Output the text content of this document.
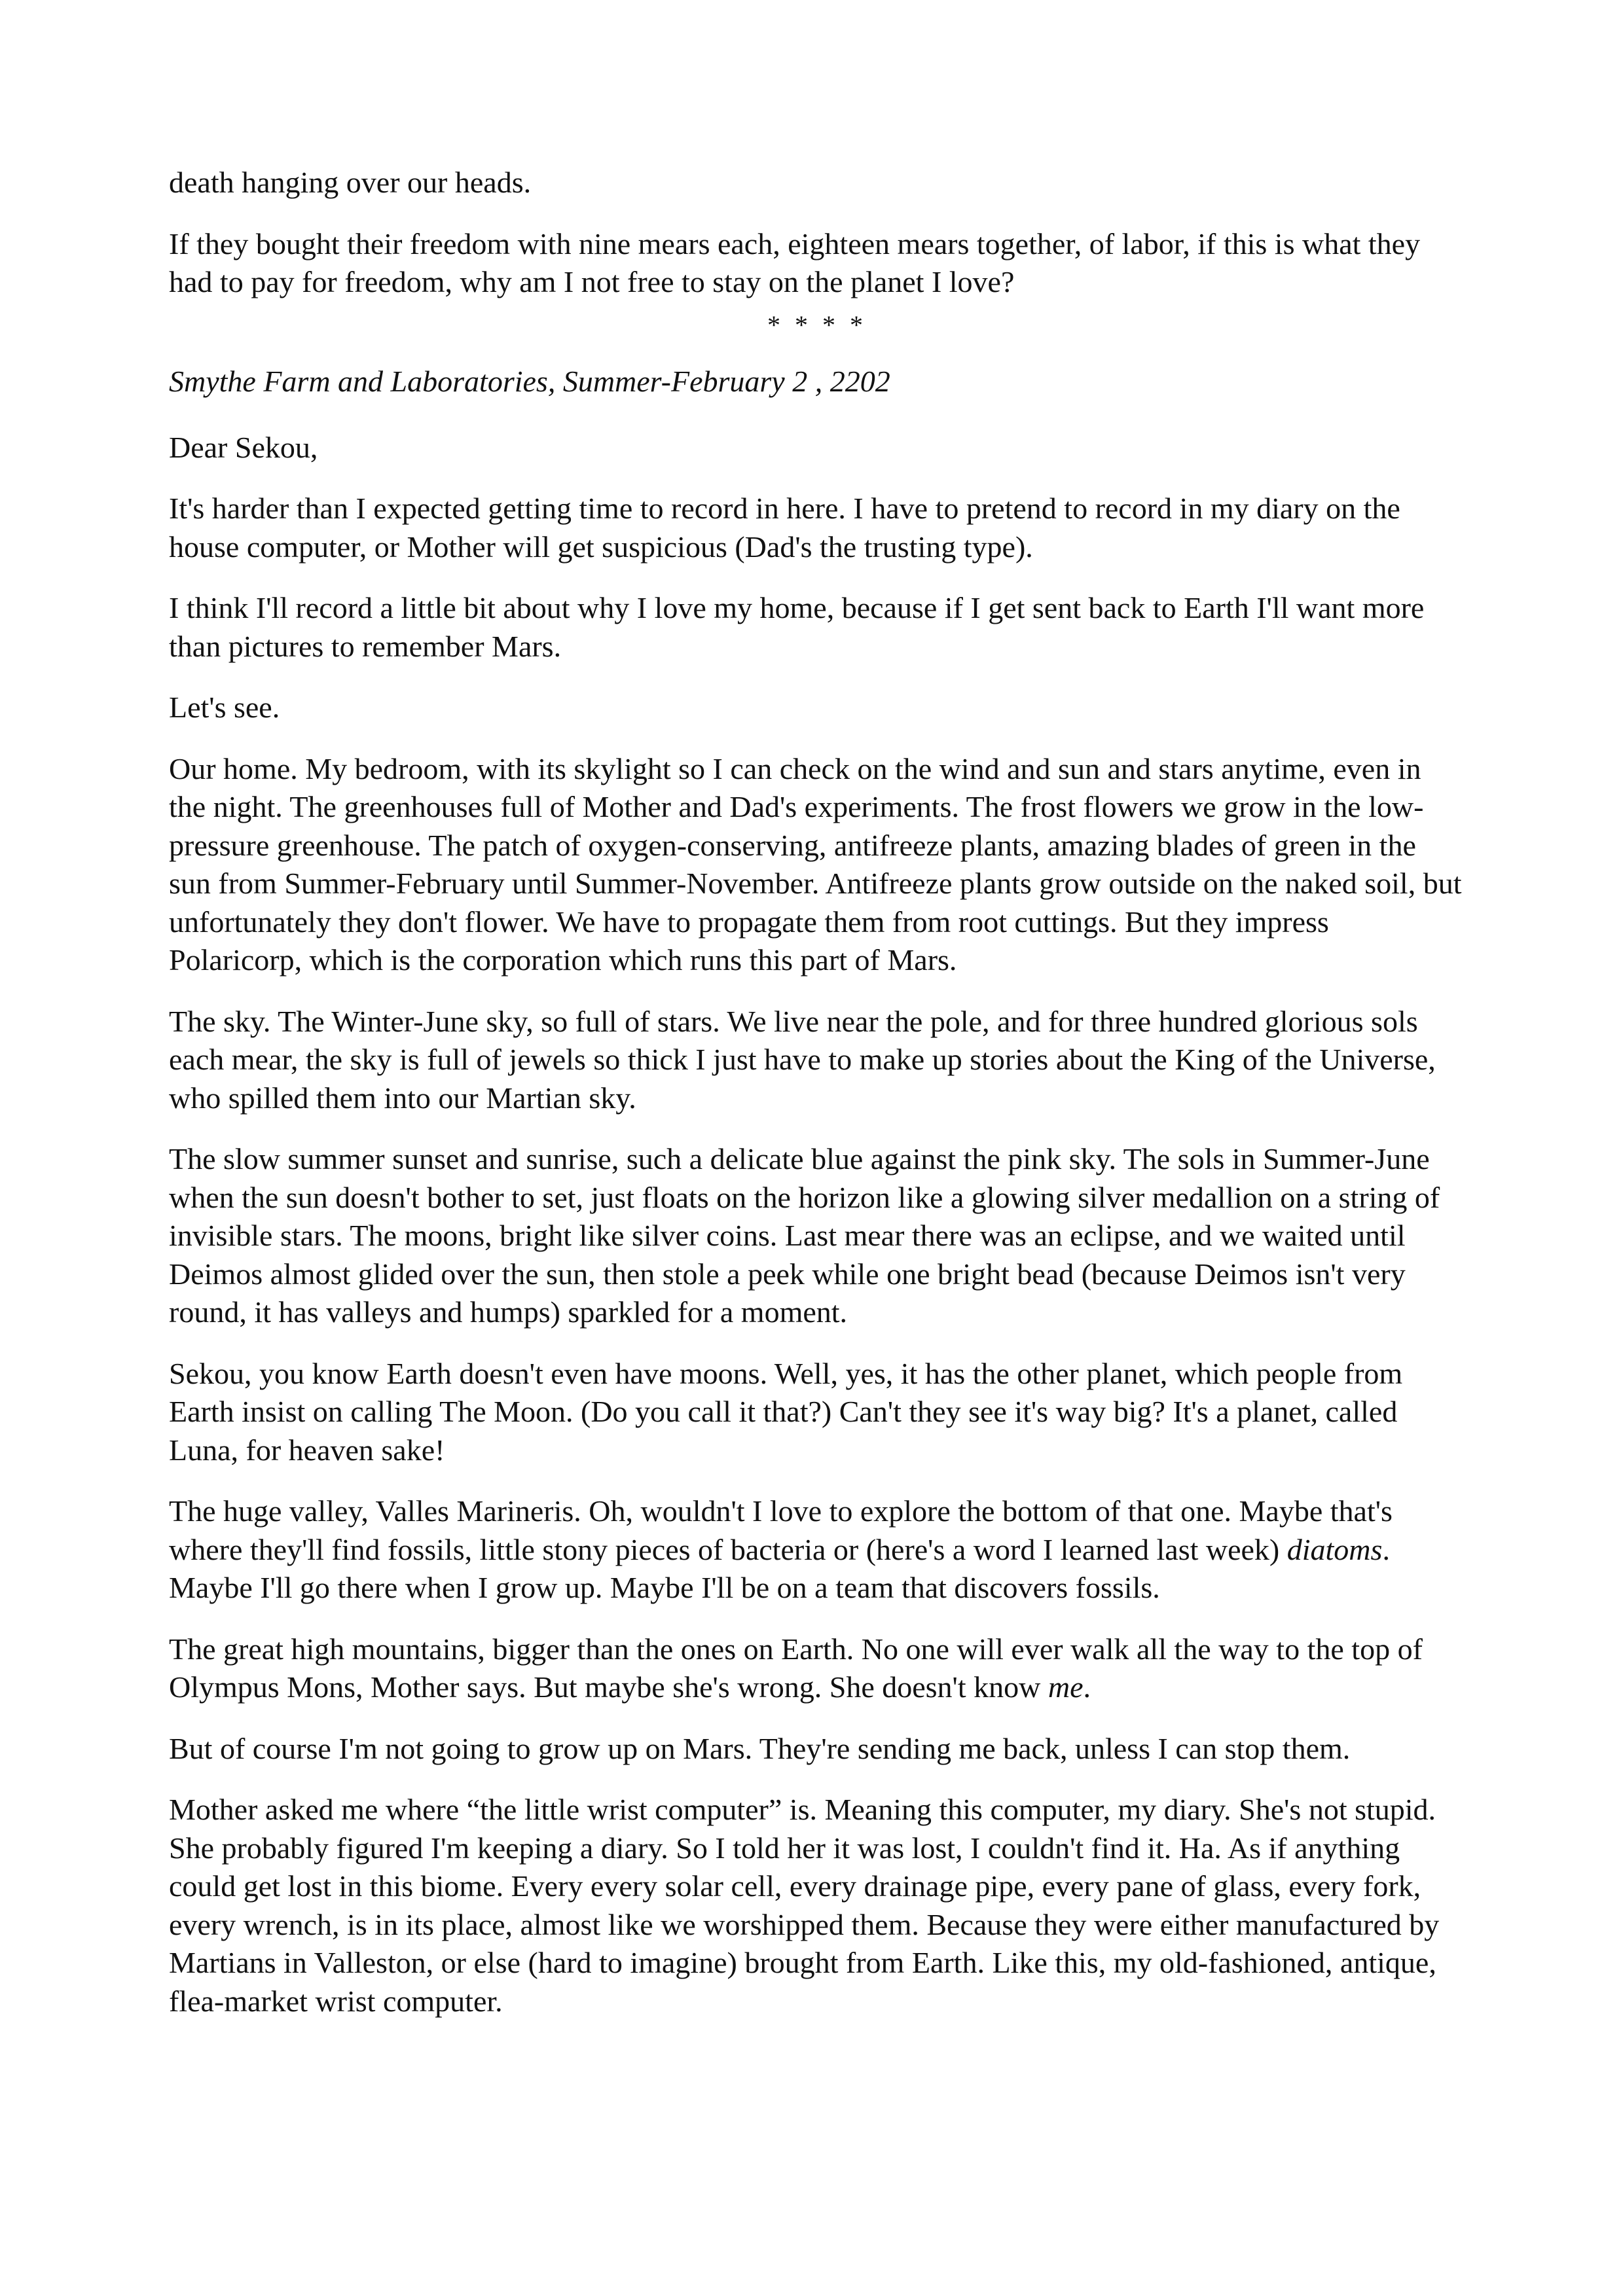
death hanging over our heads.

If they bought their freedom with nine mears each, eighteen mears together, of labor, if this is what they had to pay for freedom, why am I not free to stay on the planet I love?

* * * *

Smythe Farm and Laboratories, Summer-February 2 , 2202

Dear Sekou,

It's harder than I expected getting time to record in here. I have to pretend to record in my diary on the house computer, or Mother will get suspicious (Dad's the trusting type).

I think I'll record a little bit about why I love my home, because if I get sent back to Earth I'll want more than pictures to remember Mars.

Let's see.

Our home. My bedroom, with its skylight so I can check on the wind and sun and stars anytime, even in the night. The greenhouses full of Mother and Dad's experiments. The frost flowers we grow in the low-pressure greenhouse. The patch of oxygen-conserving, antifreeze plants, amazing blades of green in the sun from Summer-February until Summer-November. Antifreeze plants grow outside on the naked soil, but unfortunately they don't flower. We have to propagate them from root cuttings. But they impress Polaricorp, which is the corporation which runs this part of Mars.

The sky. The Winter-June sky, so full of stars. We live near the pole, and for three hundred glorious sols each mear, the sky is full of jewels so thick I just have to make up stories about the King of the Universe, who spilled them into our Martian sky.

The slow summer sunset and sunrise, such a delicate blue against the pink sky. The sols in Summer-June when the sun doesn't bother to set, just floats on the horizon like a glowing silver medallion on a string of invisible stars. The moons, bright like silver coins. Last mear there was an eclipse, and we waited until Deimos almost glided over the sun, then stole a peek while one bright bead (because Deimos isn't very round, it has valleys and humps) sparkled for a moment.

Sekou, you know Earth doesn't even have moons. Well, yes, it has the other planet, which people from Earth insist on calling The Moon. (Do you call it that?) Can't they see it's way big? It's a planet, called Luna, for heaven sake!

The huge valley, Valles Marineris. Oh, wouldn't I love to explore the bottom of that one. Maybe that's where they'll find fossils, little stony pieces of bacteria or (here's a word I learned last week) diatoms. Maybe I'll go there when I grow up. Maybe I'll be on a team that discovers fossils.

The great high mountains, bigger than the ones on Earth. No one will ever walk all the way to the top of Olympus Mons, Mother says. But maybe she's wrong. She doesn't know me.

But of course I'm not going to grow up on Mars. They're sending me back, unless I can stop them.

Mother asked me where “the little wrist computer” is. Meaning this computer, my diary. She's not stupid. She probably figured I'm keeping a diary. So I told her it was lost, I couldn't find it. Ha. As if anything could get lost in this biome. Every every solar cell, every drainage pipe, every pane of glass, every fork, every wrench, is in its place, almost like we worshipped them. Because they were either manufactured by Martians in Valleston, or else (hard to imagine) brought from Earth. Like this, my old-fashioned, antique, flea-market wrist computer.
